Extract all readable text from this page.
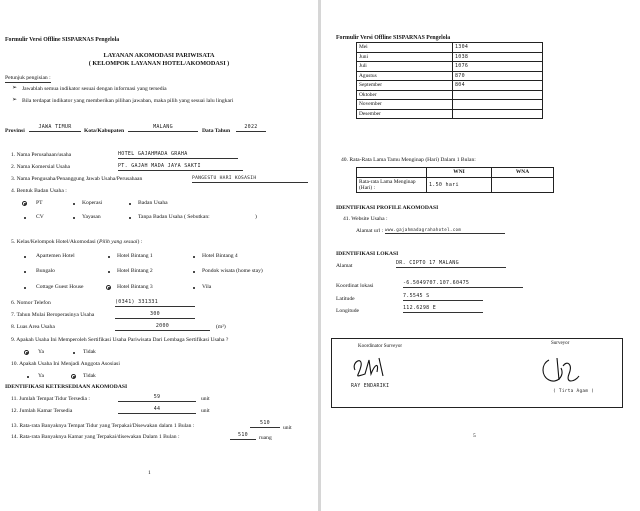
Formulir Versi Offline SISPARNAS Pengelola
LAYANAN AKOMODASI PARIWISATA
( KELOMPOK LAYANAN HOTEL/AKOMODASI )
Petunjuk pengisian :
➢ Jawablah semua indikator sesuai dengan informasi yang tersedia
➢ Bila terdapat indikator yang memberikan pilihan jawaban, maka pilih yang sesuai lalu lingkari
Provinsi
JAWA TIMUR
Kota/Kabupaten
MALANG
Data Tahun
2022
1. Nama Perusahaan/usaha	HOTEL GAJAHMADA GRAHA
2. Nama Komersial Usaha	PT. GAJAH MADA JAYA SAKTI
3. Nama Pengusaha/Penanggung Jawab Usaha/Perusahaan	PANGESTU HARI KOSASIH
4. Bentuk Badan Usaha :
PT	Koperasi	Badan Usaha
CV	Yayasan	Tanpa Badan Usaha ( Sebutkan:	)
5. Kelas/Kelompok Hotel/Akomodasi (Pilih yang sesuai) :
Apartemen Hotel	Hotel Bintang 1	Hotel Bintang 4
Bungalo	Hotel Bintang 2	Pondok wisata (home stay)
Cottage Guest House	Hotel Bintang 3	Vila
6. Nomor Telefon	(0341) 331331
7. Tahun Mulai Beroperasinya Usaha	300
8. Luas Area Usaha	2000	(m²)
9. Apakah Usaha Ini Memperoleh Sertifikasi Usaha Pariwisata Dari Lembaga Sertifikasi Usaha ?
Ya	Tidak
10. Apakah Usaha Ini Menjadi Anggota Asosiasi
Ya	Tidak
IDENTIFIKASI KETERSEDIAAN AKOMODASI
11. Jumlah Tempat Tidur Tersedia :	59	unit
12. Jumlah Kamar Tersedia	44	unit
13. Rata-rata Banyaknya Tempat Tidur yang Terpakai/Disewakan dalam 1 Bulan :	510
unit
14. Rata-rata Banyaknya Kamar yang Terpakai/disewakan Dalam 1 Bulan :	510	ruang
1
Formulir Versi Offline SISPARNAS Pengelola
Mei	1304
Juni	1038
Juli	1076
Agustus	870
September	804
Oktober	
November	
Desember	
40. Rata-Rata Lama Tamu Menginap (Hari) Dalam 1 Bulan:
	WNI	WNA
Rata-rata Lama Menginap (Hari) :	1.50 hari	
IDENTIFIKASI PROFILE AKOMODASI
41. Website Usaha :
Alamat url : www.gajahmadagrahahotel.com
IDENTIFIKASI LOKASI
Alamat	DR. CIPTO 17 MALANG
Koordinat lokasi	-6.5049707.107.60475
Latitude	7.5545 S
Longitude	112.6298 E
Koordinator Surveyor
Surveyor
RAY ENDARIKI
( Tirta Agam )
5
